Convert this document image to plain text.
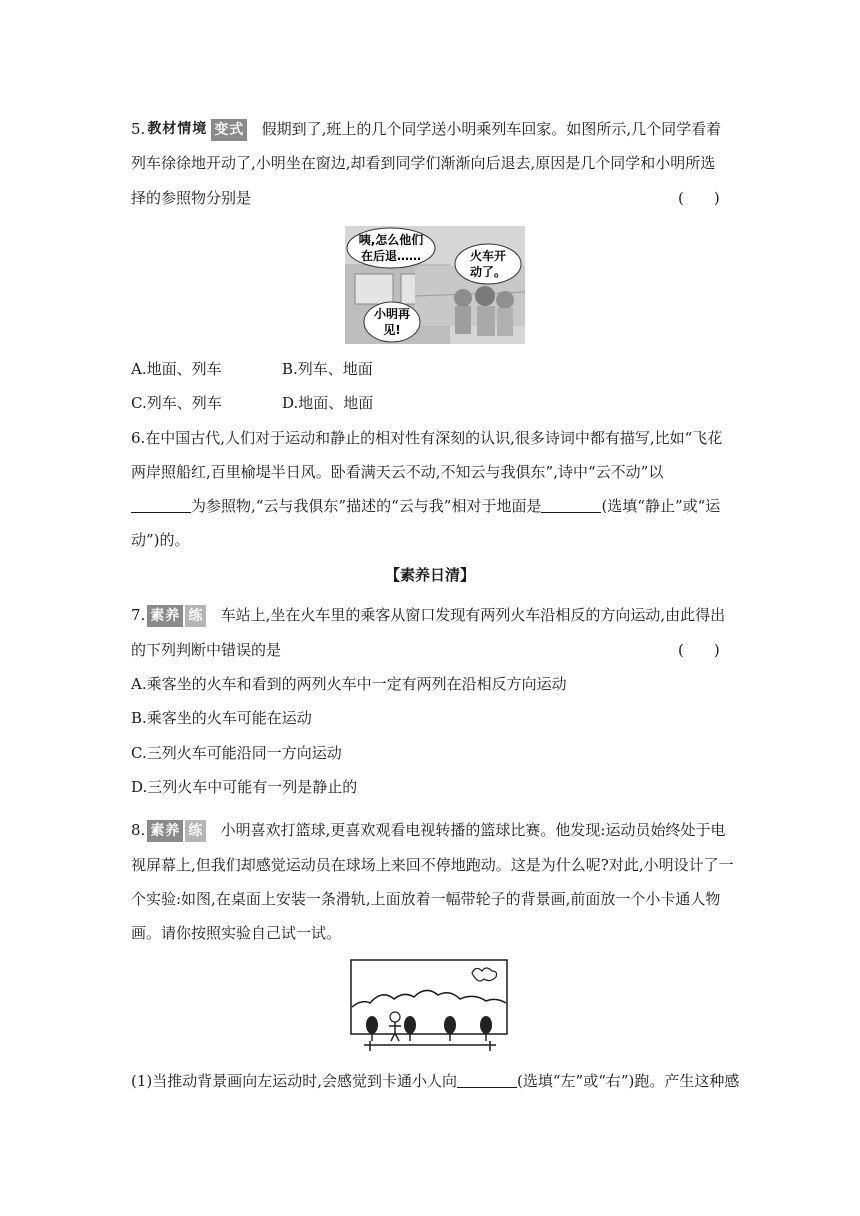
5. 教材情境 变式 假期到了,班上的几个同学送小明乘列车回家。如图所示,几个同学看着
列车徐徐地开动了,小明坐在窗边,却看到同学们渐渐向后退去,原因是几个同学和小明所选
择的参照物分别是	(　　)
咦,怎么他们
在后退……	火车开
动了。
小明再
见!
A.地面、列车	B.列车、地面
C.列车、列车	D.地面、地面
6.在中国古代,人们对于运动和静止的相对性有深刻的认识,很多诗词中都有描写,比如“飞花
两岸照船红,百里榆堤半日风。卧看满天云不动,不知云与我俱东”,诗中“云不动”以
为参照物,“云与我俱东”描述的“云与我”相对于地面是	(选填“静止”或“运
动”)的。
【素养日清】
7. 素养 练 车站上,坐在火车里的乘客从窗口发现有两列火车沿相反的方向运动,由此得出
的下列判断中错误的是	(　　)
A.乘客坐的火车和看到的两列火车中一定有两列在沿相反方向运动
B.乘客坐的火车可能在运动
C.三列火车可能沿同一方向运动
D.三列火车中可能有一列是静止的
8. 素养 练 小明喜欢打篮球,更喜欢观看电视转播的篮球比赛。他发现:运动员始终处于电
视屏幕上,但我们却感觉运动员在球场上来回不停地跑动。这是为什么呢?对此,小明设计了一
个实验:如图,在桌面上安装一条滑轨,上面放着一幅带轮子的背景画,前面放一个小卡通人物
画。请你按照实验自己试一试。
(1)当推动背景画向左运动时,会感觉到卡通小人向	(选填“左”或“右”)跑。产生这种感
